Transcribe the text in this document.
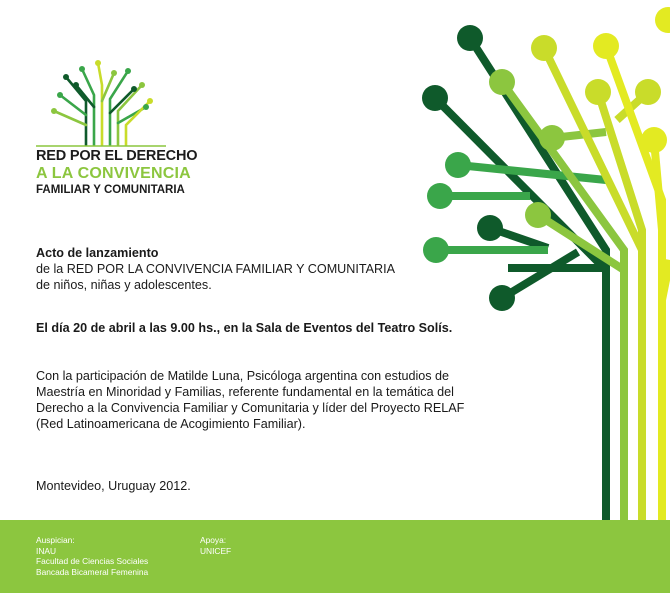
RED POR EL DERECHO
A LA CONVIVENCIA
FAMILIAR Y COMUNITARIA
Acto de lanzamiento
de la RED POR LA CONVIVENCIA FAMILIAR Y COMUNITARIA
de niños, niñas y adolescentes.
El día 20 de abril a las 9.00 hs., en la Sala de Eventos del Teatro Solís.
Con la participación de Matilde Luna, Psicóloga argentina con estudios de
Maestría en Minoridad y Familias, referente fundamental en la temática del
Derecho a la Convivencia Familiar y Comunitaria y líder del Proyecto RELAF
(Red Latinoamericana de Acogimiento Familiar).
Montevideo, Uruguay 2012.
Auspician:
INAU
Facultad de Ciencias Sociales
Bancada Bicameral Femenina
Apoya:
UNICEF
